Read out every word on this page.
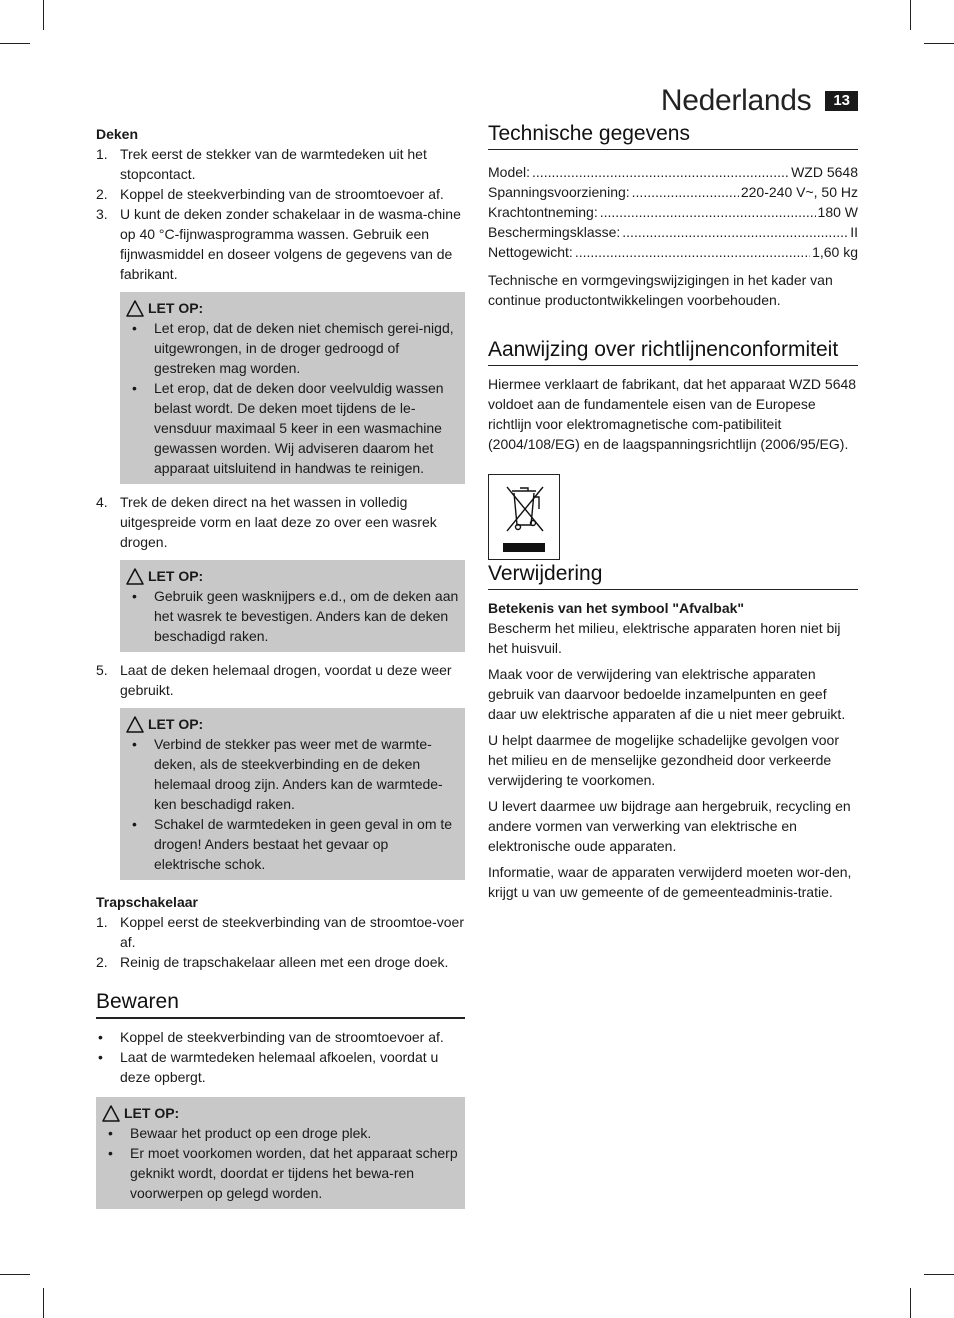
Nederlands	13

Deken

1. Trek eerst de stekker van de warmtedeken uit het stopcontact.
2. Koppel de steekverbinding van de stroomtoevoer af.
3. U kunt de deken zonder schakelaar in de wasma-chine op 40 °C-fijnwasprogramma wassen. Gebruik een fijnwasmiddel en doseer volgens de gegevens van de fabrikant.
LET OP:
• Let erop, dat de deken niet chemisch gerei-nigd, uitgewrongen, in de droger gedroogd of gestreken mag worden.
• Let erop, dat de deken door veelvuldig wassen belast wordt. De deken moet tijdens de le-vensduur maximaal 5 keer in een wasmachine gewassen worden. Wij adviseren daarom het apparaat uitsluitend in handwas te reinigen.
4. Trek de deken direct na het wassen in volledig uitgespreide vorm en laat deze zo over een wasrek drogen.
LET OP:
• Gebruik geen wasknijpers e.d., om de deken aan het wasrek te bevestigen. Anders kan de deken beschadigd raken.
5. Laat de deken helemaal drogen, voordat u deze weer gebruikt.
LET OP:
• Verbind de stekker pas weer met de warmte-deken, als de steekverbinding en de deken helemaal droog zijn. Anders kan de warmtede-ken beschadigd raken.
• Schakel de warmtedeken in geen geval in om te drogen! Anders bestaat het gevaar op elektrische schok.

Trapschakelaar

1. Koppel eerst de steekverbinding van de stroomtoe-voer af.
2. Reinig de trapschakelaar alleen met een droge doek.
Bewaren
• Koppel de steekverbinding van de stroomtoevoer af.
• Laat de warmtedeken helemaal afkoelen, voordat u deze opbergt.
LET OP:
• Bewaar het product op een droge plek.
• Er moet voorkomen worden, dat het apparaat scherp geknikt wordt, doordat er tijdens het bewa-ren voorwerpen op gelegd worden.
Technische gegevens
Model: .....	WZD 5648
Spanningsvoorziening: .....	220-240 V~, 50 Hz
Krachtontneming: .....	180 W
Beschermingsklasse: .....	II
Nettogewicht: .....	1,60 kg

Technische en vormgevingswijzigingen in het kader van continue productontwikkelingen voorbehouden.

Aanwijzing over richtlijnenconformiteit

Hiermee verklaart de fabrikant, dat het apparaat WZD 5648 voldoet aan de fundamentele eisen van de Europese richtlijn voor elektromagnetische com-patibiliteit (2004/108/EG) en de laagspanningsrichtlijn (2006/95/EG).

Verwijdering

Betekenis van het symbool "Afvalbak"

Bescherm het milieu, elektrische apparaten horen niet bij het huisvuil.

Maak voor de verwijdering van elektrische apparaten gebruik van daarvoor bedoelde inzamelpunten en geef daar uw elektrische apparaten af die u niet meer gebruikt.

U helpt daarmee de mogelijke schadelijke gevolgen voor het milieu en de menselijke gezondheid door verkeerde verwijdering te voorkomen.

U levert daarmee uw bijdrage aan hergebruik, recycling en andere vormen van verwerking van elektrische en elektronische oude apparaten.

Informatie, waar de apparaten verwijderd moeten wor-den, krijgt u van uw gemeente of de gemeenteadminis-tratie.
